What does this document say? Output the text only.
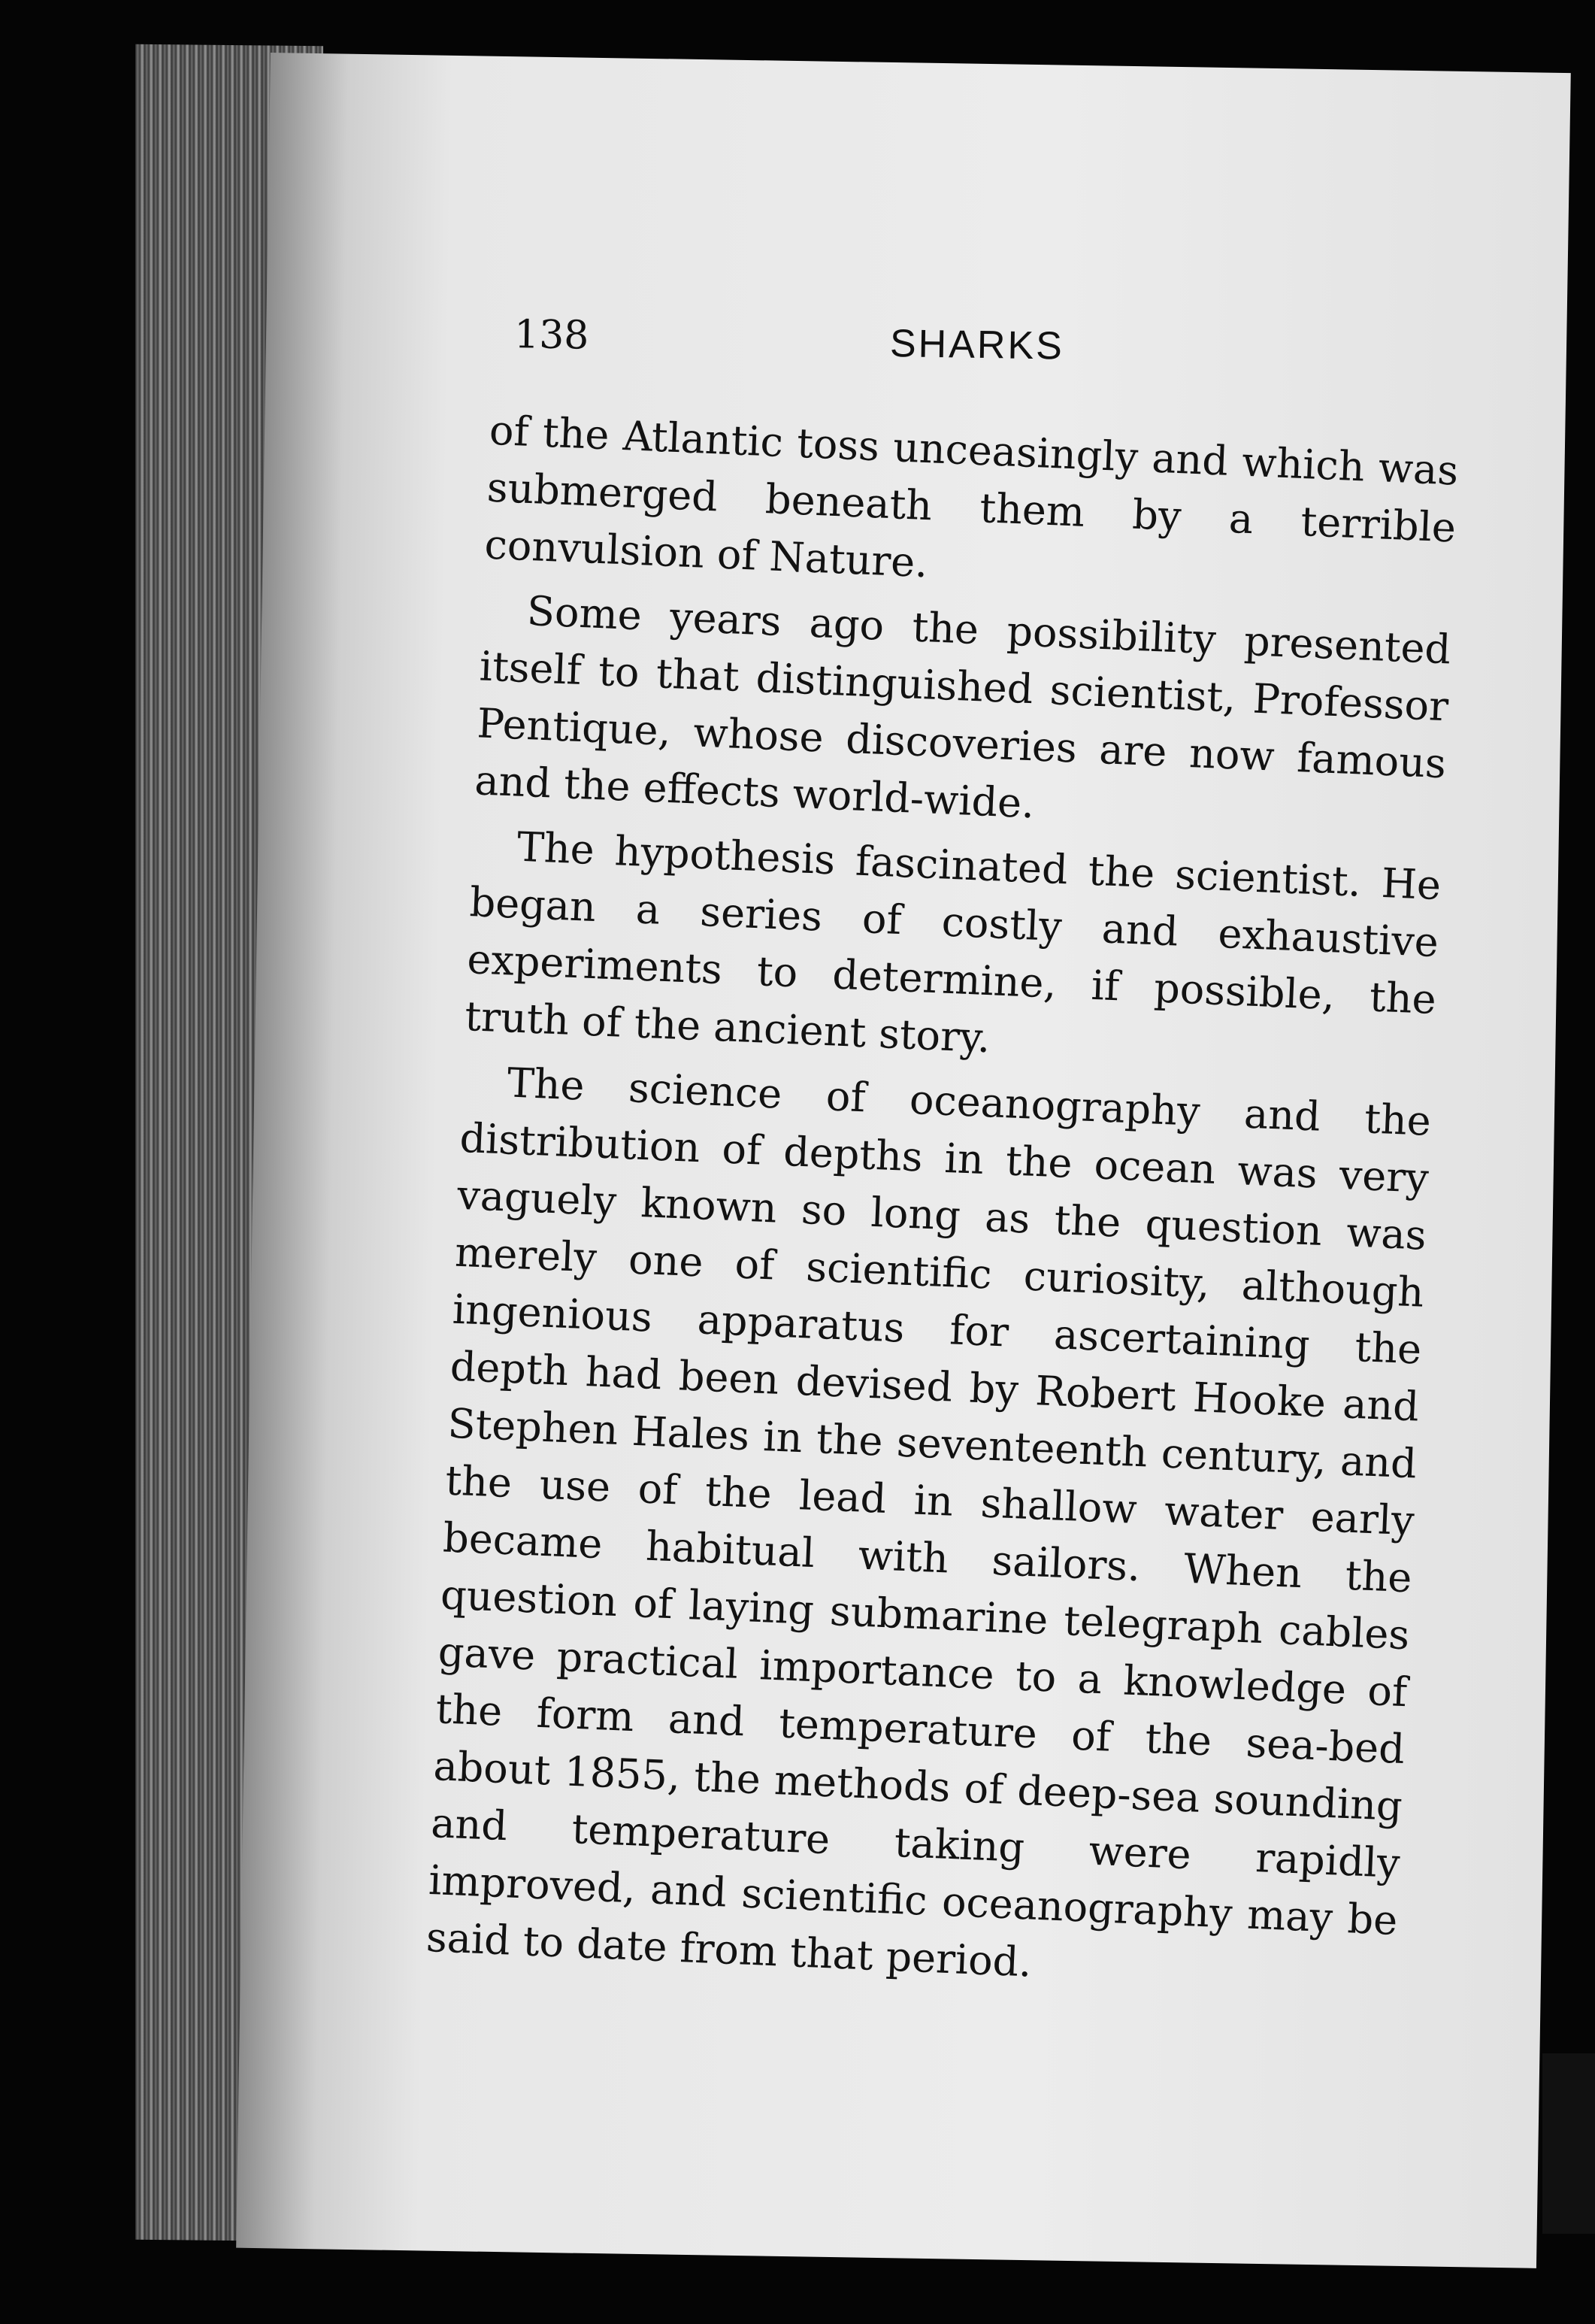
138	SHARKS

of the Atlantic toss unceasingly and which was submerged beneath them by a terrible convulsion of Nature.

Some years ago the possibility presented itself to that distinguished scientist, Professor Pentique, whose discoveries are now famous and the effects world-wide.

The hypothesis fascinated the scientist. He began a series of costly and exhaustive experiments to determine, if possible, the truth of the ancient story.

The science of oceanography and the distribution of depths in the ocean was very vaguely known so long as the question was merely one of scientific curiosity, although ingenious apparatus for ascertaining the depth had been devised by Robert Hooke and Stephen Hales in the seventeenth century, and the use of the lead in shallow water early became habitual with sailors. When the question of laying submarine telegraph cables gave practical importance to a knowledge of the form and temperature of the sea-bed about 1855, the methods of deep-sea sounding and temperature taking were rapidly improved, and scientific oceanography may be said to date from that period.
